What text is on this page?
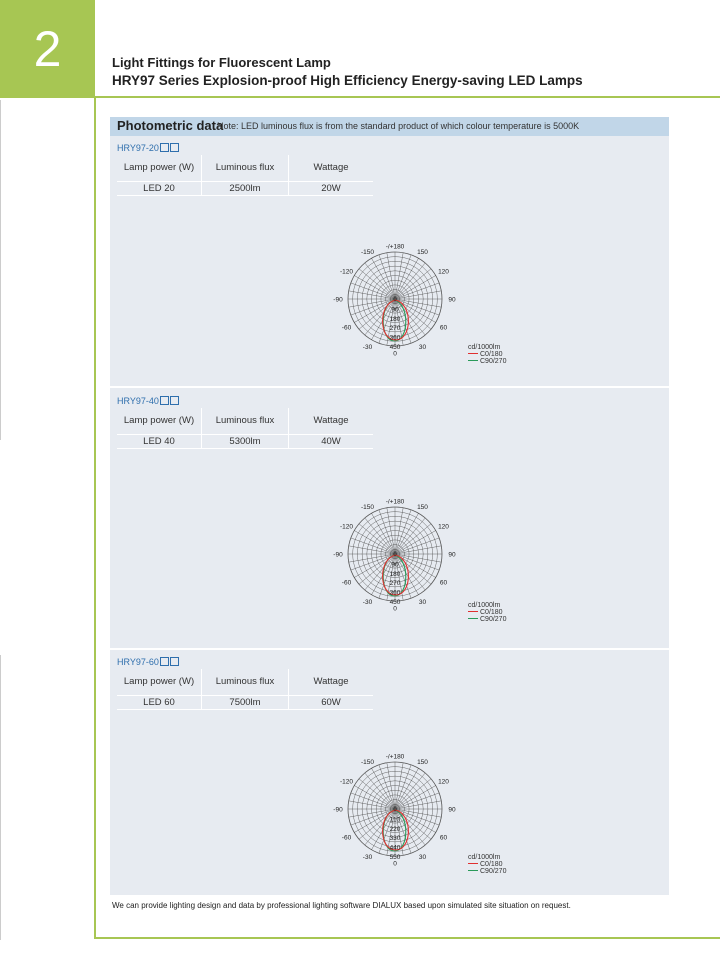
2	Light Fittings for Fluorescent Lamp
HRY97 Series Explosion-proof High Efficiency Energy-saving LED Lamps
Photometric data
Note: LED luminous flux is from the standard product of which colour temperature is 5000K
HRY97-20
Lamp power (W)	Luminous flux	Wattage
LED 20	2500lm	20W
90
180
270
360
450
0
-/+180
150
-150
120
-120
90
-90
60
-60
30
-30
0
cd/1000lm
C0/180
C90/270
HRY97-40
Lamp power (W)	Luminous flux	Wattage
LED 40	5300lm	40W
90
180
270
360
450
0
-/+180
150
-150
120
-120
90
-90
60
-60
30
-30
0	cd/1000lm
C0/180
C90/270
HRY97-60
Lamp power (W)	Luminous flux	Wattage
LED 60	7500lm	60W
110
220
330
440
550
0
-/+180
150
-150
120
-120
90
-90
60
-60
30
-30
0
cd/1000lm
C0/180
C90/270
We can provide lighting design and data by professional lighting software DIALUX based upon simulated site situation on request.
